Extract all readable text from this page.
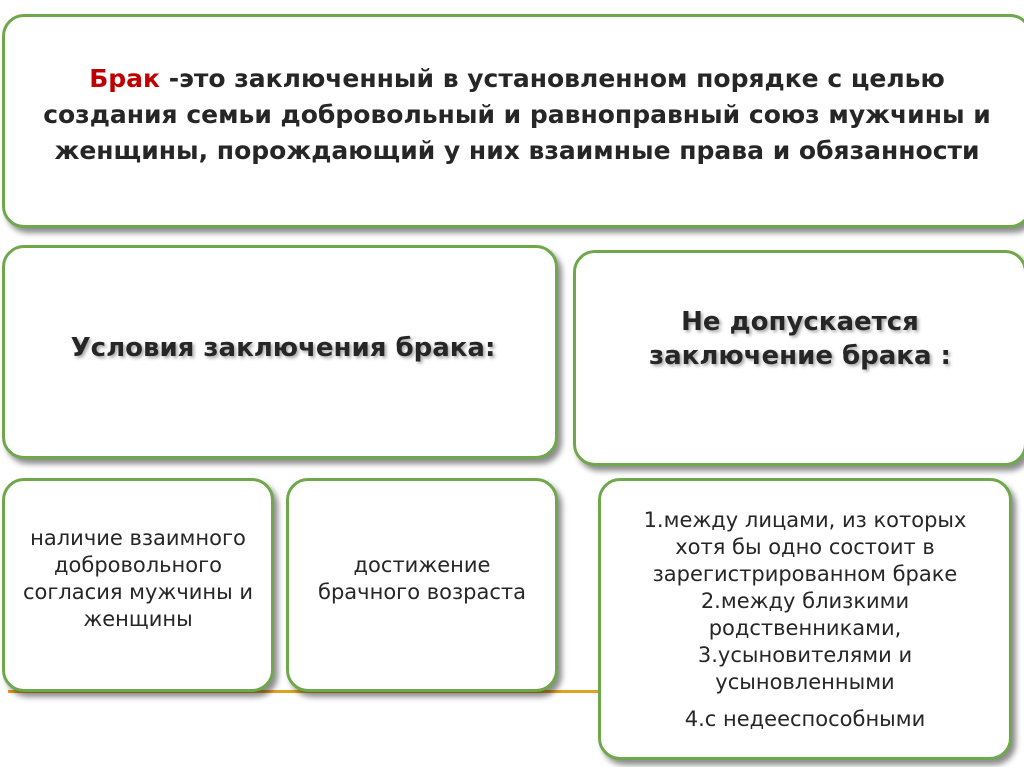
Брак -это заключенный в установленном порядке с целью создания семьи добровольный и равноправный союз мужчины и женщины, порождающий у них взаимные права и обязанности
Условия заключения брака:
Не допускается заключение брака :
наличие взаимного добровольного согласия мужчины и женщины
достижение брачного возраста
1.между лицами, из которых хотя бы одно состоит в зарегистрированном браке
2.между близкими родственниками,
3.усыновителями и усыновленными
4.с недееспособными
